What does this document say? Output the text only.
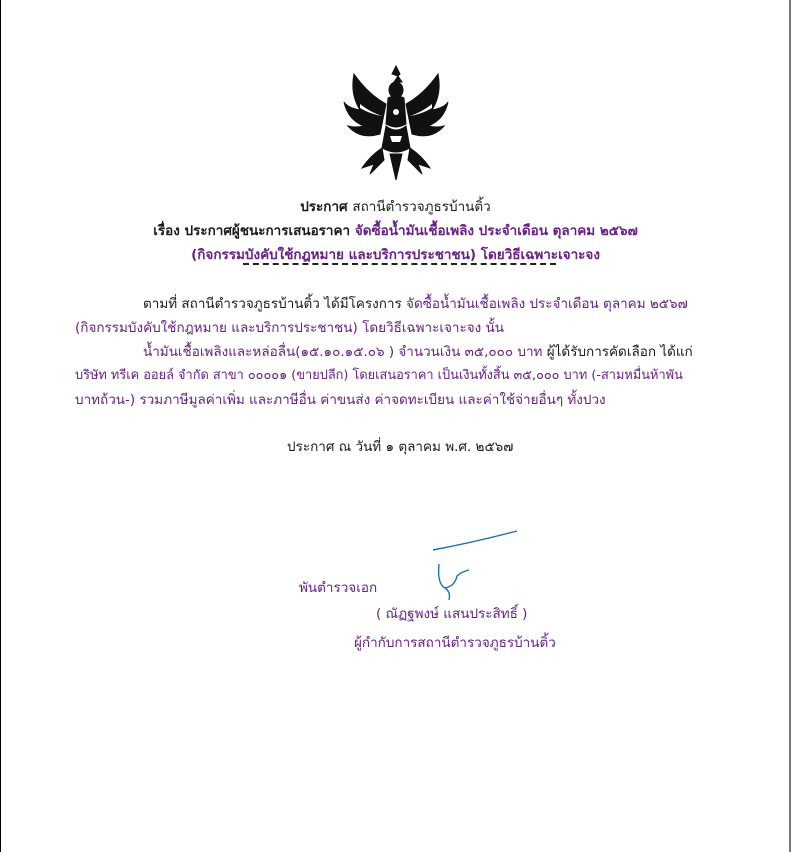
ประกาศ สถานีตำรวจภูธรบ้านติ้ว
เรื่อง ประกาศผู้ชนะการเสนอราคา จัดซื้อน้ำมันเชื้อเพลิง ประจำเดือน ตุลาคม ๒๕๖๗
(กิจกรรมบังคับใช้กฎหมาย และบริการประชาชน) โดยวิธีเฉพาะเจาะจง
ตามที่ สถานีตำรวจภูธรบ้านติ้ว ได้มีโครงการ จัดซื้อน้ำมันเชื้อเพลิง ประจำเดือน ตุลาคม ๒๕๖๗
(กิจกรรมบังคับใช้กฎหมาย และบริการประชาชน) โดยวิธีเฉพาะเจาะจง นั้น
น้ำมันเชื้อเพลิงและหล่อลื่น(๑๕.๑๐.๑๕.๐๖ ) จำนวนเงิน ๓๕,๐๐๐ บาท ผู้ได้รับการคัดเลือก ได้แก่
บริษัท ทรีเค ออยล์ จำกัด สาขา ๐๐๐๐๑ (ขายปลีก) โดยเสนอราคา เป็นเงินทั้งสิ้น ๓๕,๐๐๐ บาท (-สามหมื่นห้าพัน
บาทถ้วน-) รวมภาษีมูลค่าเพิ่ม และภาษีอื่น ค่าขนส่ง ค่าจดทะเบียน และค่าใช้จ่ายอื่นๆ ทั้งปวง
ประกาศ ณ วันที่ ๑ ตุลาคม พ.ศ. ๒๕๖๗
พันตำรวจเอก
( ณัฏฐพงษ์ แสนประสิทธิ์ )
ผู้กำกับการสถานีตำรวจภูธรบ้านติ้ว
